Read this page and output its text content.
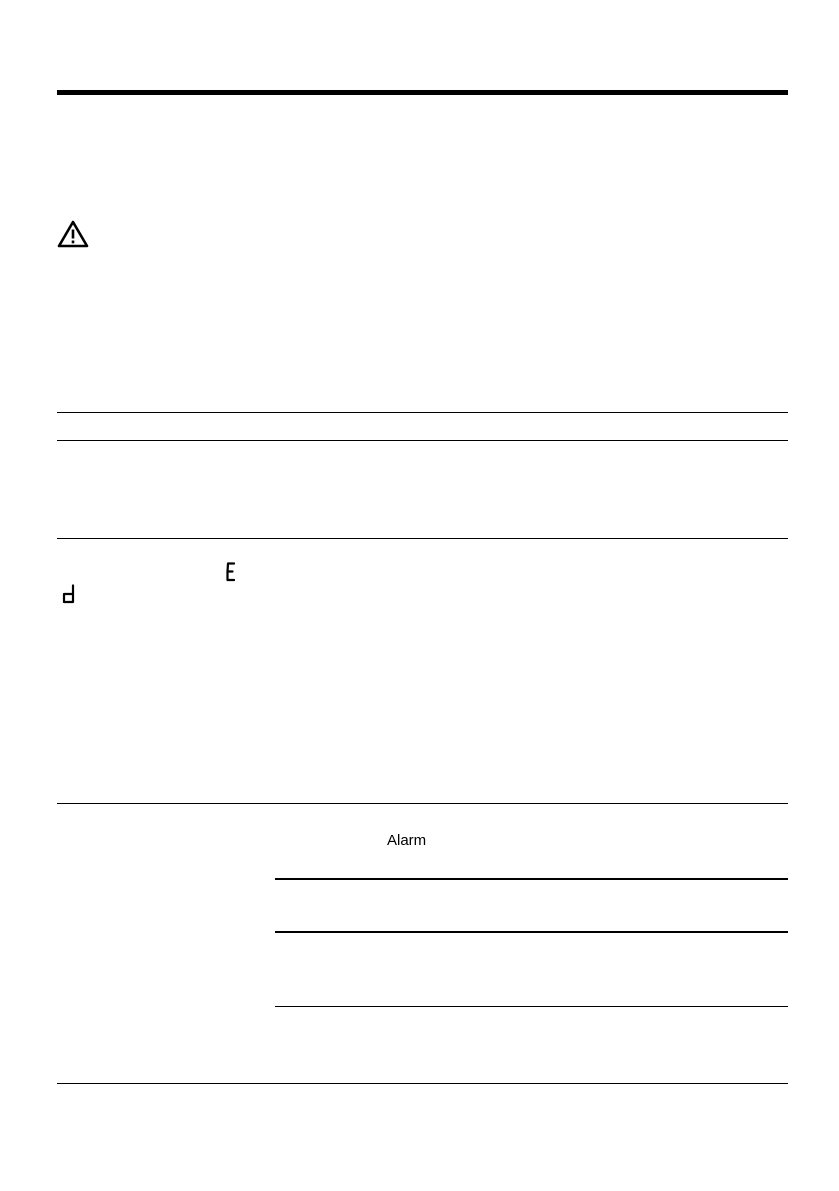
Alarm
